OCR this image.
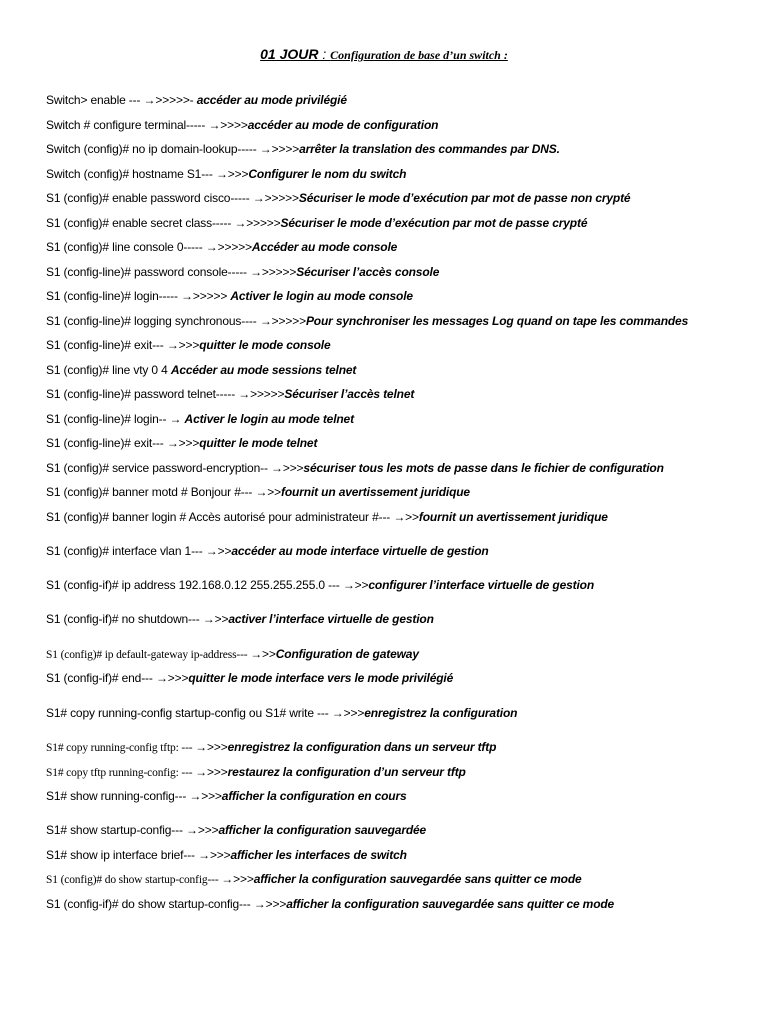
01 JOUR : Configuration de base d’un switch :
Switch> enable --- →>>>>>- accéder au mode privilégié
Switch # configure terminal----- →>>>>accéder au mode de configuration
Switch (config)# no ip domain-lookup----- →>>>>arrêter la translation des commandes par DNS.
Switch (config)# hostname S1--- →>>>Configurer le nom du switch
S1 (config)# enable password cisco----- →>>>>>Sécuriser le mode d’exécution par mot de passe non crypté
S1 (config)# enable secret class----- →>>>>>Sécuriser le mode d’exécution par mot de passe crypté
S1 (config)# line console 0----- →>>>>>Accéder au mode console
S1 (config-line)# password console----- →>>>>>Sécuriser l’accès console
S1 (config-line)# login----- →>>>>> Activer le login au mode console
S1 (config-line)# logging synchronous---- →>>>>>Pour synchroniser les messages Log quand on tape les commandes
S1 (config-line)# exit--- →>>>quitter le mode console
S1 (config)# line vty 0 4 Accéder au mode sessions telnet
S1 (config-line)# password telnet----- →>>>>>Sécuriser l’accès telnet
S1 (config-line)# login-- → Activer le login au mode telnet
S1 (config-line)# exit--- →>>>quitter le mode telnet
S1 (config)# service password-encryption-- →>>>sécuriser tous les mots de passe dans le fichier de configuration
S1 (config)# banner motd # Bonjour #--- →>>fournit un avertissement juridique
S1 (config)# banner login # Accès autorisé pour administrateur #--- →>>fournit un avertissement juridique
S1 (config)# interface vlan 1--- →>>accéder au mode interface virtuelle de gestion
S1 (config-if)# ip address 192.168.0.12 255.255.255.0 --- →>>configurer l’interface virtuelle de gestion
S1 (config-if)# no shutdown--- →>>activer l’interface virtuelle de gestion
S1 (config)# ip default-gateway ip-address--- →>>Configuration de gateway
S1 (config-if)# end--- →>>>quitter le mode interface vers le mode privilégié
S1# copy running-config startup-config ou S1# write --- →>>>enregistrez la configuration
S1# copy running-config tftp: --- →>>>enregistrez la configuration dans un serveur tftp
S1# copy tftp running-config: --- →>>>restaurez la configuration d’un serveur tftp
S1# show running-config--- →>>>afficher la configuration en cours
S1# show startup-config--- →>>>afficher la configuration sauvegardée
S1# show ip interface brief--- →>>>afficher les interfaces de switch
S1 (config)# do show startup-config--- →>>>afficher la configuration sauvegardée sans quitter ce mode
S1 (config-if)# do show startup-config--- →>>>afficher la configuration sauvegardée sans quitter ce mode
